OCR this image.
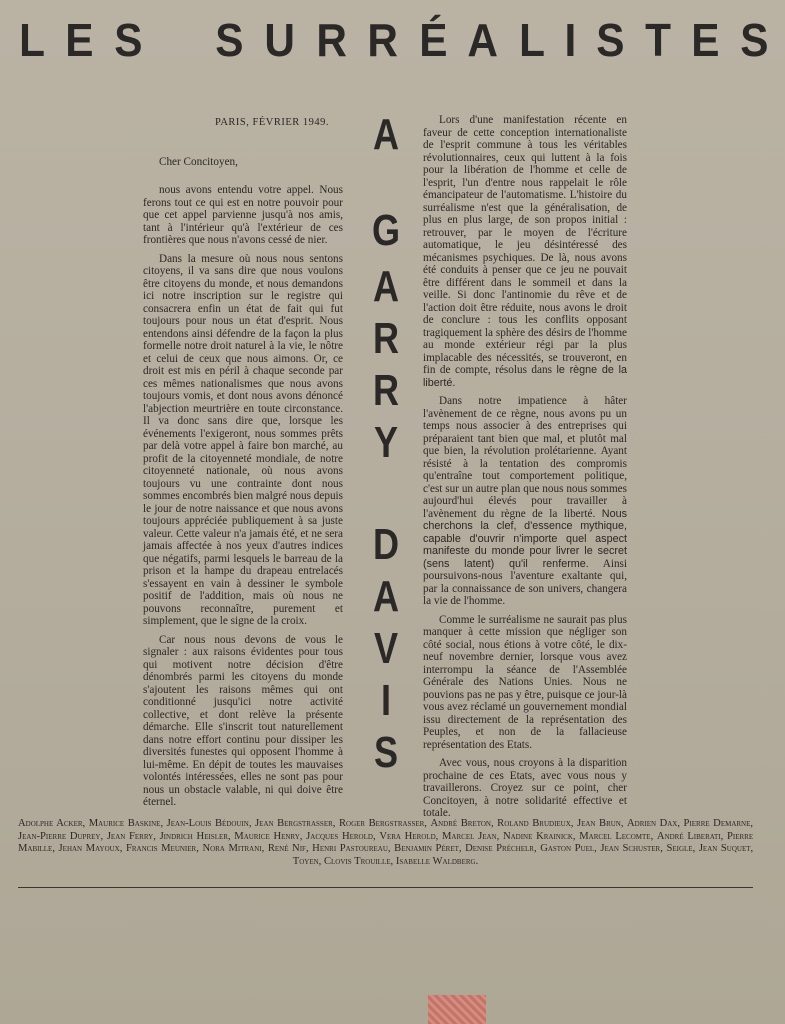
L E S S U R R É A L I S T E S
PARIS, FÉVRIER 1949.
Cher Concitoyen,

nous avons entendu votre appel. Nous ferons tout ce qui est en notre pouvoir pour que cet appel parvienne jusqu'à nos amis, tant à l'intérieur qu'à l'extérieur de ces frontières que nous n'avons cessé de nier.

Dans la mesure où nous nous sentons citoyens, il va sans dire que nous voulons être citoyens du monde, et nous demandons ici notre inscription sur le registre qui consacrera enfin un état de fait qui fut toujours pour nous un état d'esprit. Nous entendons ainsi défendre de la façon la plus formelle notre droit naturel à la vie, le nôtre et celui de ceux que nous aimons. Or, ce droit est mis en péril à chaque seconde par ces mêmes nationalismes que nous avons toujours vomis, et dont nous avons dénoncé l'abjection meurtrière en toute circonstance. Il va donc sans dire que, lorsque les événements l'exigeront, nous sommes prêts par delà votre appel à faire bon marché, au profit de la citoyenneté mondiale, de notre citoyenneté nationale, où nous avons toujours vu une contrainte dont nous sommes encombrés bien malgré nous depuis le jour de notre naissance et que nous avons toujours appréciée publiquement à sa juste valeur. Cette valeur n'a jamais été, et ne sera jamais affectée à nos yeux d'autres indices que négatifs, parmi lesquels le barreau de la prison et la hampe du drapeau entrelacés s'essayent en vain à dessiner le symbole positif de l'addition, mais où nous ne pouvons reconnaître, purement et simplement, que le signe de la croix.

Car nous nous devons de vous le signaler : aux raisons évidentes pour tous qui motivent notre décision d'être dénombrés parmi les citoyens du monde s'ajoutent les raisons mêmes qui ont conditionné jusqu'ici notre activité collective, et dont relève la présente démarche. Elle s'inscrit tout naturellement dans notre effort continu pour dissiper les diversités funestes qui opposent l'homme à lui-même. En dépit de toutes les mauvaises volontés intéressées, elles ne sont pas pour nous un obstacle valable, ni qui doive être éternel.

A
G
A
R
R
Y
D
A
V
I
S

Lors d'une manifestation récente en faveur de cette conception internationaliste de l'esprit commune à tous les véritables révolutionnaires, ceux qui luttent à la fois pour la libération de l'homme et celle de l'esprit, l'un d'entre nous rappelait le rôle émancipateur de l'automatisme. L'histoire du surréalisme n'est que la généralisation, de plus en plus large, de son propos initial : retrouver, par le moyen de l'écriture automatique, le jeu désintéressé des mécanismes psychiques. De là, nous avons été conduits à penser que ce jeu ne pouvait être différent dans le sommeil et dans la veille. Si donc l'antinomie du rêve et de l'action doit être réduite, nous avons le droit de conclure : tous les conflits opposant tragiquement la sphère des désirs de l'homme au monde extérieur régi par la plus implacable des nécessités, se trouveront, en fin de compte, résolus dans le règne de la liberté.

Dans notre impatience à hâter l'avènement de ce règne, nous avons pu un temps nous associer à des entreprises qui préparaient tant bien que mal, et plutôt mal que bien, la révolution prolétarienne. Ayant résisté à la tentation des compromis qu'entraîne tout comportement politique, c'est sur un autre plan que nous nous sommes aujourd'hui élevés pour travailler à l'avènement du règne de la liberté. Nous cherchons la clef, d'essence mythique, capable d'ouvrir n'importe quel aspect manifeste du monde pour livrer le secret (sens latent) qu'il renferme. Ainsi poursuivons-nous l'aventure exaltante qui, par la connaissance de son univers, changera la vie de l'homme.

Comme le surréalisme ne saurait pas plus manquer à cette mission que négliger son côté social, nous étions à votre côté, le dix-neuf novembre dernier, lorsque vous avez interrompu la séance de l'Assemblée Générale des Nations Unies. Nous ne pouvions pas ne pas y être, puisque ce jour-là vous avez réclamé un gouvernement mondial issu directement de la représentation des Peuples, et non de la fallacieuse représentation des Etats.

Avec vous, nous croyons à la disparition prochaine de ces Etats, avec vous nous y travaillerons. Croyez sur ce point, cher Concitoyen, à notre solidarité effective et totale.

Adolphe Acker, Maurice Baskine, Jean-Louis Bédouin, Jean Bergstrasser, Roger Bergstrasser, André Breton, Roland Brudieux, Jean Brun, Adrien Dax, Pierre Demarne, Jean-Pierre Duprey, Jean Ferry, Jindrich Heisler, Maurice Henry, Jacques Herold, Vera Herold, Marcel Jean, Nadine Krainick, Marcel Lecomte, André Liberati, Pierre Mabille, Jehan Mayoux, Francis Meunier, Nora Mitrani, René Nif, Henri Pastoureau, Benjamin Péret, Denise Préchelr, Gaston Puel, Jean Schuster, Seigle, Jean Suquet, Toyen, Clovis Trouille, Isabelle Waldberg.
